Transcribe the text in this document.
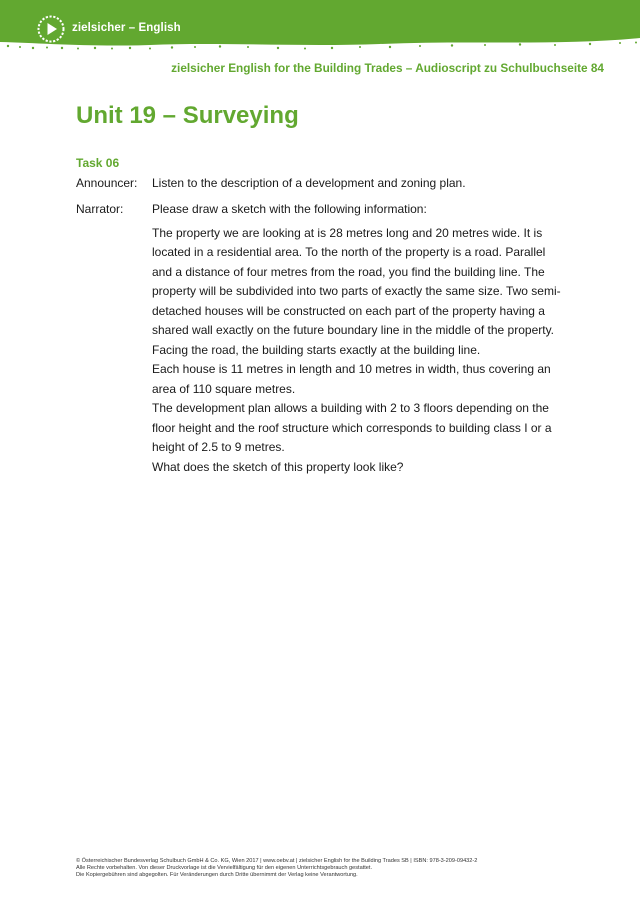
zielsicher – English
zielsicher English for the Building Trades – Audioscript zu Schulbuchseite 84
Unit 19 – Surveying
Task 06
Announcer:	Listen to the description of a development and zoning plan.
Narrator:	Please draw a sketch with the following information:

The property we are looking at is 28 metres long and 20 metres wide. It is located in a residential area. To the north of the property is a road. Parallel and a distance of four metres from the road, you find the building line. The property will be subdivided into two parts of exactly the same size. Two semi-detached houses will be constructed on each part of the property having a shared wall exactly on the future boundary line in the middle of the property. Facing the road, the building starts exactly at the building line.

Each house is 11 metres in length and 10 metres in width, thus covering an area of 110 square metres.

The development plan allows a building with 2 to 3 floors depending on the floor height and the roof structure which corresponds to building class I or a height of 2.5 to 9 metres.

What does the sketch of this property look like?

© Österreichischer Bundesverlag Schulbuch GmbH & Co. KG, Wien 2017 | www.oebv.at | zielsicher English for the Building Trades SB | ISBN: 978-3-209-09432-2
Alle Rechte vorbehalten. Von dieser Druckvorlage ist die Vervielfältigung für den eigenen Unterrichtsgebrauch gestattet.
Die Kopiergebühren sind abgegolten. Für Veränderungen durch Dritte übernimmt der Verlag keine Verantwortung.
